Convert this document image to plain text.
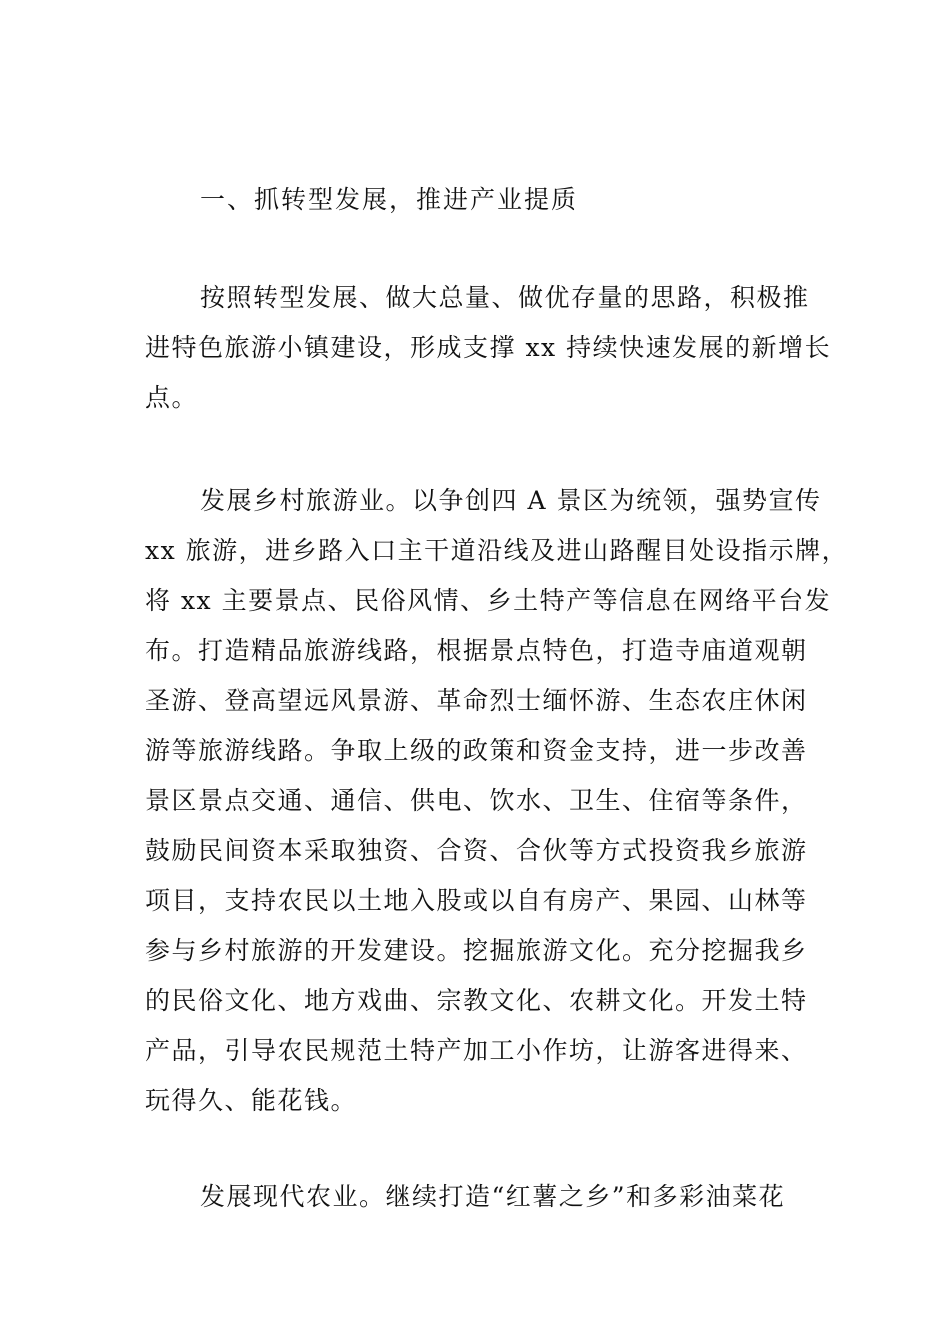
一、抓转型发展，推进产业提质
按照转型发展、做大总量、做优存量的思路，积极推
进特色旅游小镇建设，形成支撑 xx 持续快速发展的新增长
点。
发展乡村旅游业。以争创四 A 景区为统领，强势宣传
xx 旅游，进乡路入口主干道沿线及进山路醒目处设指示牌，
将 xx 主要景点、民俗风情、乡土特产等信息在网络平台发
布。打造精品旅游线路，根据景点特色，打造寺庙道观朝
圣游、登高望远风景游、革命烈士缅怀游、生态农庄休闲
游等旅游线路。争取上级的政策和资金支持，进一步改善
景区景点交通、通信、供电、饮水、卫生、住宿等条件，
鼓励民间资本采取独资、合资、合伙等方式投资我乡旅游
项目，支持农民以土地入股或以自有房产、果园、山林等
参与乡村旅游的开发建设。挖掘旅游文化。充分挖掘我乡
的民俗文化、地方戏曲、宗教文化、农耕文化。开发土特
产品，引导农民规范土特产加工小作坊，让游客进得来、
玩得久、能花钱。
发展现代农业。继续打造“红薯之乡”和多彩油菜花
